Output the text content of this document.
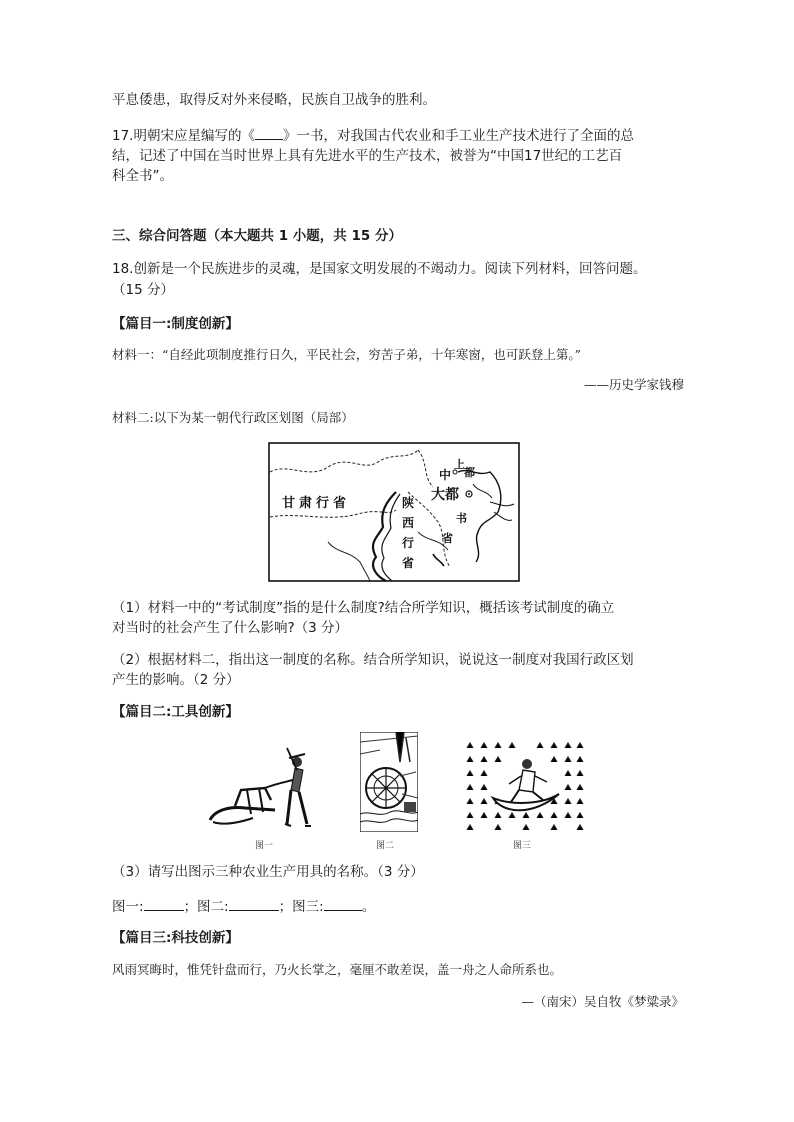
平息倭患，取得反对外来侵略，民族自卫战争的胜利。
17.明朝宋应星编写的《 》一书，对我国古代农业和手工业生产技术进行了全面的总
结，记述了中国在当时世界上具有先进水平的生产技术，被誉为“中国17世纪的工艺百
科全书”。
三、综合问答题（本大题共 1 小题，共 15 分）
18.创新是一个民族进步的灵魂，是国家文明发展的不竭动力。阅读下列材料，回答问题。
（15 分）
【篇目一:制度创新】
材料一：“自经此项制度推行日久，平民社会，穷苦子弟，十年寒窗，也可跃登上第。”
——历史学家钱穆
材料二:以下为某一朝代行政区划图（局部）
甘肃行省	陕
西
行
省
中
上
都
大都
书
省
（1）材料一中的“考试制度”指的是什么制度?结合所学知识，概括该考试制度的确立
对当时的社会产生了什么影响?（3 分）
（2）根据材料二，指出这一制度的名称。结合所学知识，说说这一制度对我国行政区划
产生的影响。（2 分）
【篇目二:工具创新】
图一	图二	图三
（3）请写出图示三种农业生产用具的名称。（3 分）
图一:	；图二:	；图三:	。
【篇目三:科技创新】
风雨冥晦时，惟凭针盘而行，乃火长掌之，毫厘不敢差误，盖一舟之人命所系也。
—（南宋）吴自牧《梦粱录》
